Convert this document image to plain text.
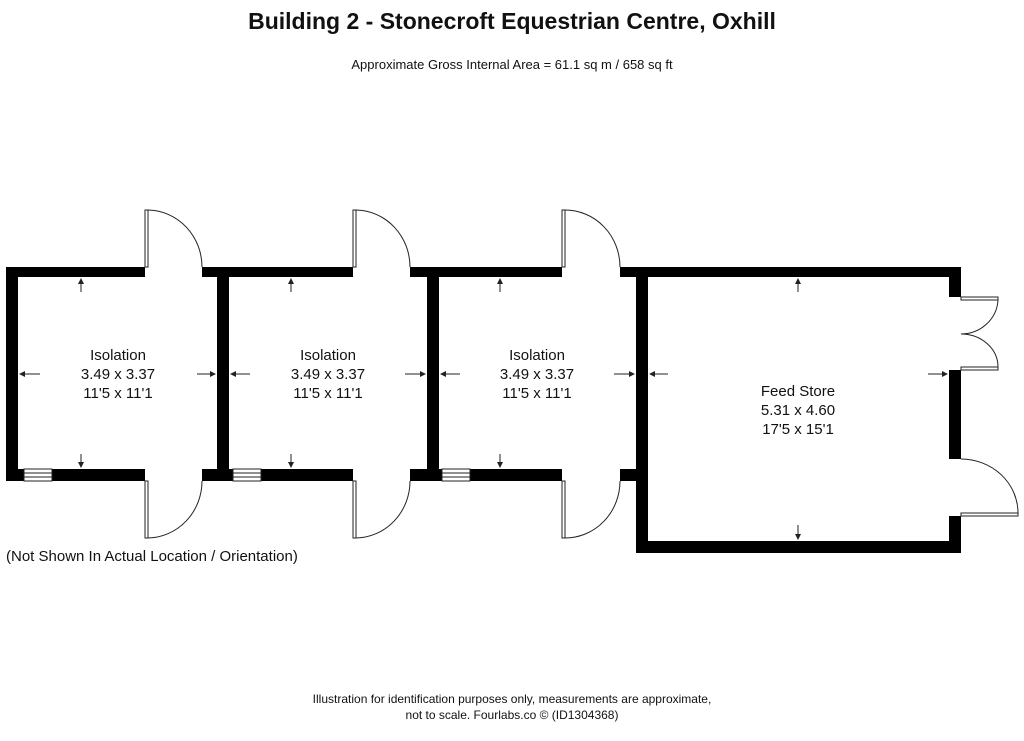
Building 2 - Stonecroft Equestrian Centre, Oxhill
Approximate Gross Internal Area = 61.1 sq m / 658 sq ft
Isolation
3.49 x 3.37
11'5 x 11'1
Isolation
3.49 x 3.37
11'5 x 11'1
Isolation
3.49 x 3.37
11'5 x 11'1	Feed Store
5.31 x 4.60
17'5 x 15'1
(Not Shown In Actual Location / Orientation)
Illustration for identification purposes only, measurements are approximate,
not to scale. Fourlabs.co © (ID1304368)
